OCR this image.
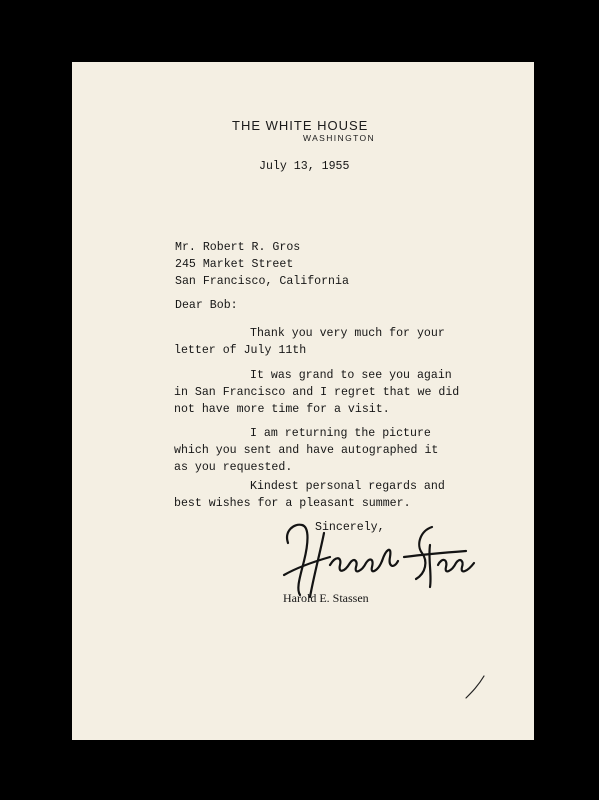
THE WHITE HOUSE
WASHINGTON
July 13, 1955
Mr. Robert R. Gros
245 Market Street
San Francisco, California
Dear Bob:
Thank you very much for your
letter of July 11th
It was grand to see you again
in San Francisco and I regret that we did
not have more time for a visit.
I am returning the picture
which you sent and have autographed it
as you requested.
Kindest personal regards and
best wishes for a pleasant summer.
Sincerely,
Harold E. Stassen
